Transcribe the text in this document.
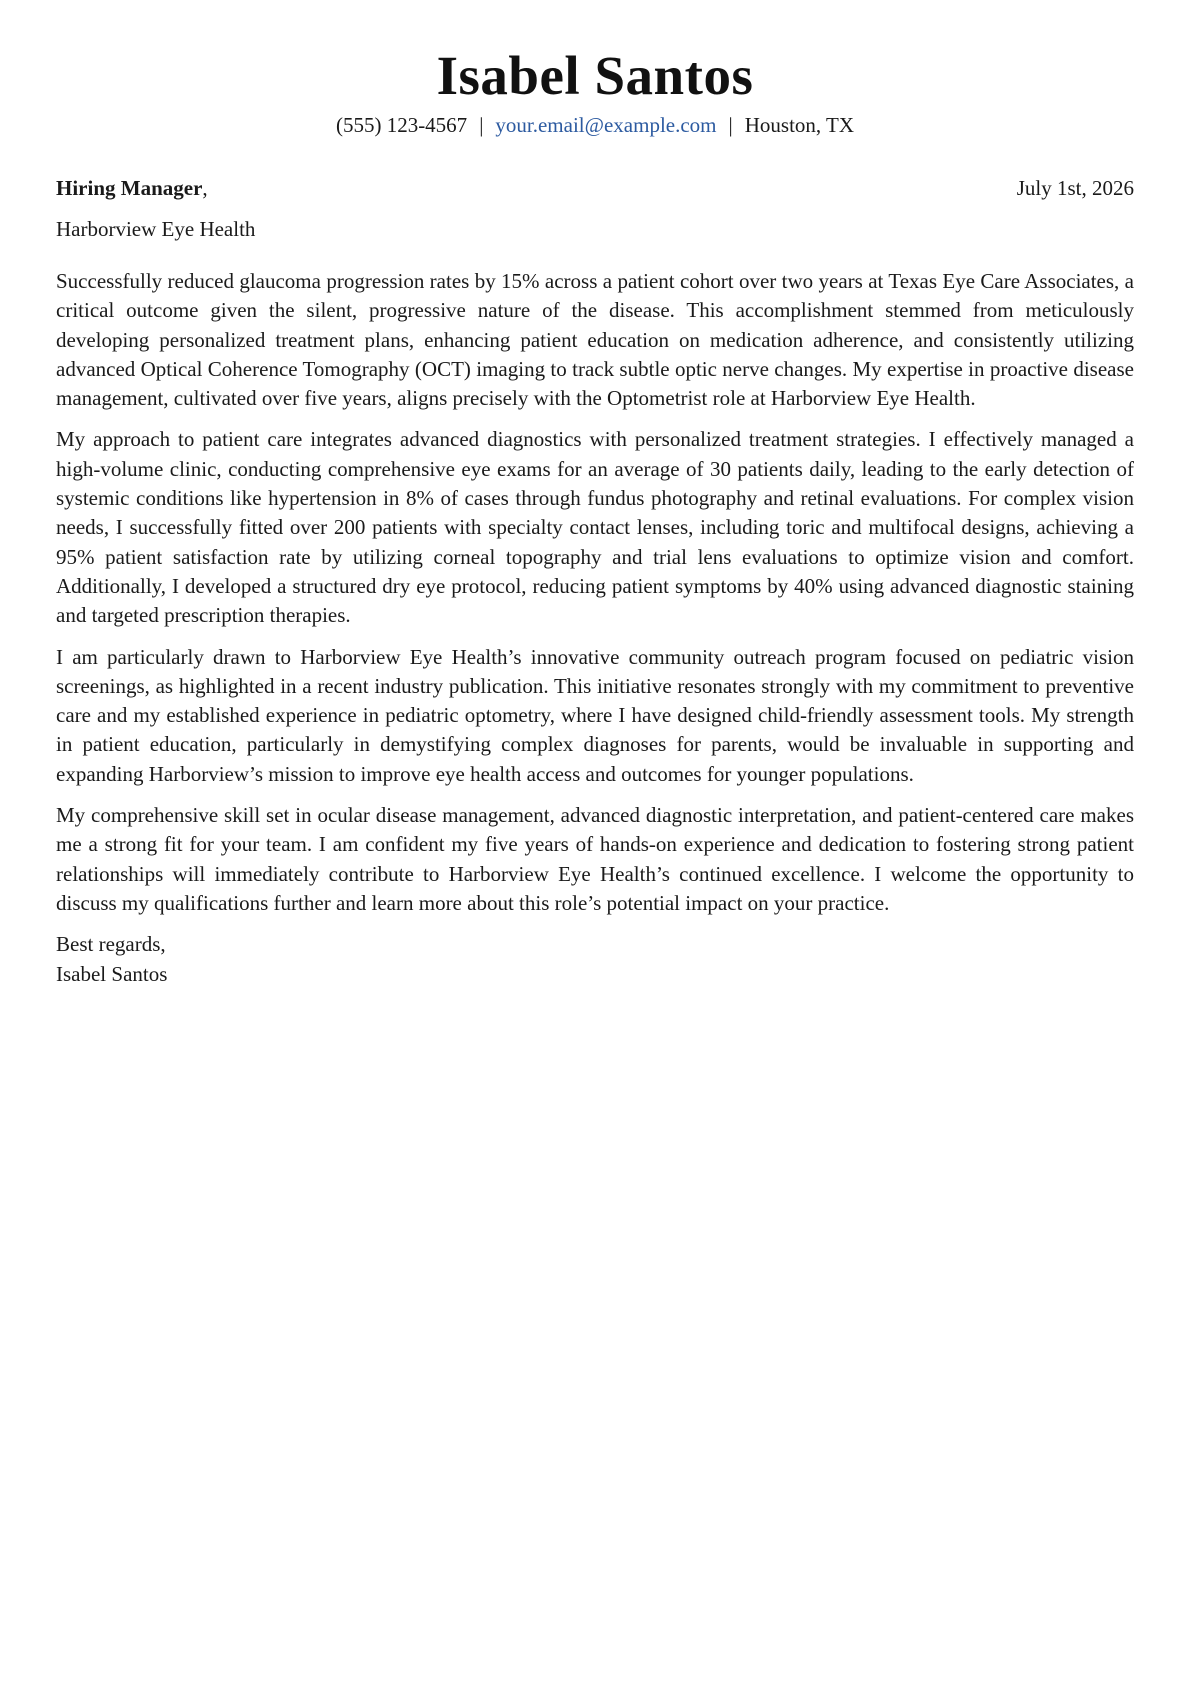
Isabel Santos
(555) 123-4567 | your.email@example.com | Houston, TX
Hiring Manager,	July 1st, 2026
Harborview Eye Health

Successfully reduced glaucoma progression rates by 15% across a patient cohort over two years at Texas Eye Care Associates, a critical outcome given the silent, progressive nature of the disease. This accomplishment stemmed from meticulously developing personalized treatment plans, enhancing patient education on medication adherence, and consistently utilizing advanced Optical Coherence Tomography (OCT) imaging to track subtle optic nerve changes. My expertise in proactive disease management, cultivated over five years, aligns precisely with the Optometrist role at Harborview Eye Health.

My approach to patient care integrates advanced diagnostics with personalized treatment strategies. I effectively managed a high-volume clinic, conducting comprehensive eye exams for an average of 30 patients daily, leading to the early detection of systemic conditions like hypertension in 8% of cases through fundus photography and retinal evaluations. For complex vision needs, I successfully fitted over 200 patients with specialty contact lenses, including toric and multifocal designs, achieving a 95% patient satisfaction rate by utilizing corneal topography and trial lens evaluations to optimize vision and comfort. Additionally, I developed a structured dry eye protocol, reducing patient symptoms by 40% using advanced diagnostic staining and targeted prescription therapies.

I am particularly drawn to Harborview Eye Health’s innovative community outreach program focused on pediatric vision screenings, as highlighted in a recent industry publication. This initiative resonates strongly with my commitment to preventive care and my established experience in pediatric optometry, where I have designed child-friendly assessment tools. My strength in patient education, particularly in demystifying complex diagnoses for parents, would be invaluable in supporting and expanding Harborview’s mission to improve eye health access and outcomes for younger populations.

My comprehensive skill set in ocular disease management, advanced diagnostic interpretation, and patient-centered care makes me a strong fit for your team. I am confident my five years of hands-on experience and dedication to fostering strong patient relationships will immediately contribute to Harborview Eye Health’s continued excellence. I welcome the opportunity to discuss my qualifications further and learn more about this role’s potential impact on your practice.

Best regards,
Isabel Santos
